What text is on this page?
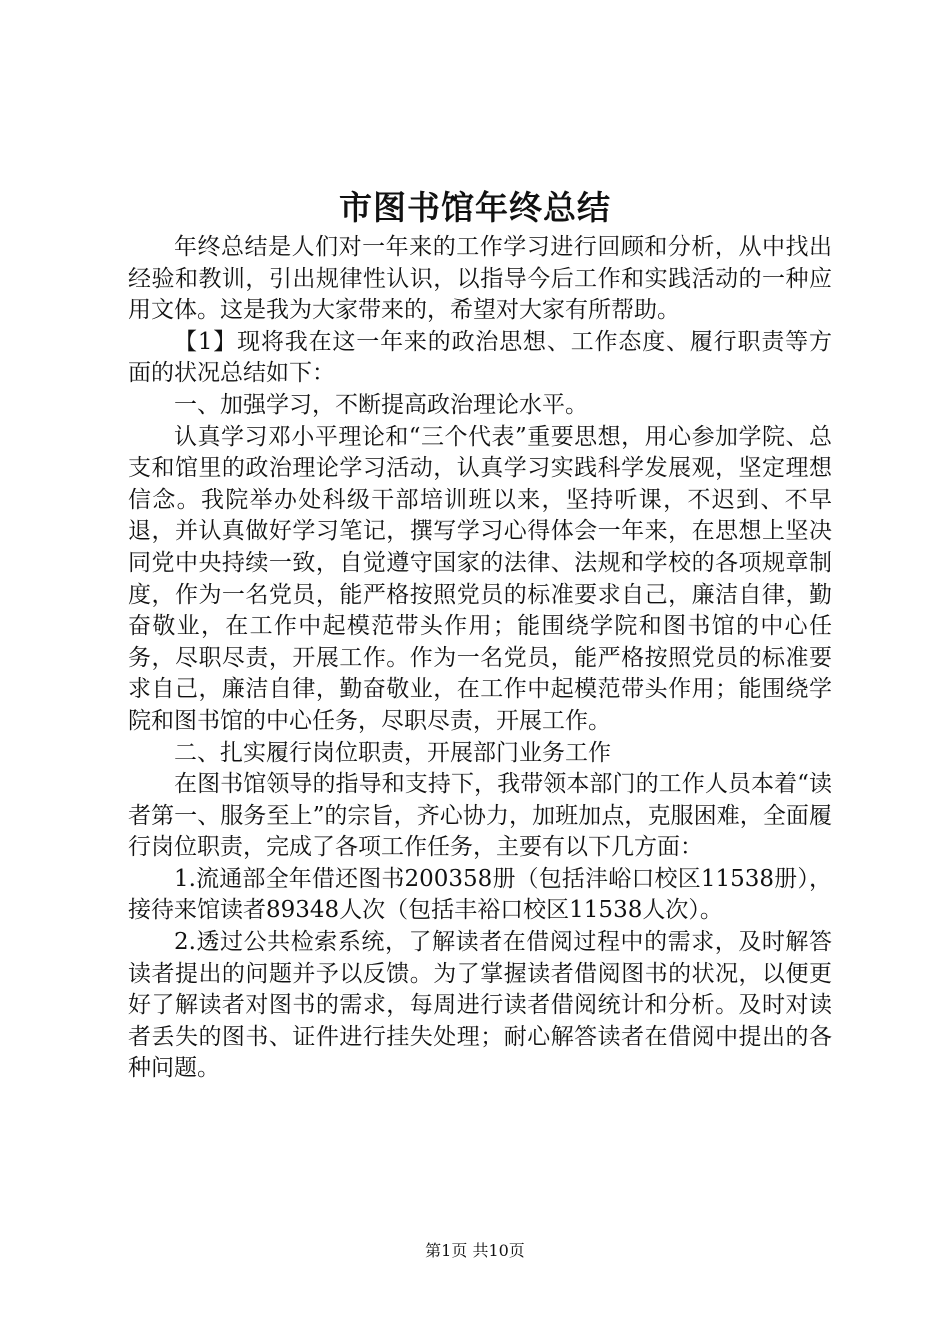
市图书馆年终总结

年终总结是人们对一年来的工作学习进行回顾和分析，从中找出经验和教训，引出规律性认识，以指导今后工作和实践活动的一种应用文体。这是我为大家带来的，希望对大家有所帮助。

【1】现将我在这一年来的政治思想、工作态度、履行职责等方面的状况总结如下：

一、加强学习，不断提高政治理论水平。

认真学习邓小平理论和“三个代表”重要思想，用心参加学院、总支和馆里的政治理论学习活动，认真学习实践科学发展观，坚定理想信念。我院举办处科级干部培训班以来，坚持听课，不迟到、不早退，并认真做好学习笔记，撰写学习心得体会一年来，在思想上坚决同党中央持续一致，自觉遵守国家的法律、法规和学校的各项规章制度，作为一名党员，能严格按照党员的标准要求自己，廉洁自律，勤奋敬业，在工作中起模范带头作用；能围绕学院和图书馆的中心任务，尽职尽责，开展工作。作为一名党员，能严格按照党员的标准要求自己，廉洁自律，勤奋敬业，在工作中起模范带头作用；能围绕学院和图书馆的中心任务，尽职尽责，开展工作。

二、扎实履行岗位职责，开展部门业务工作

在图书馆领导的指导和支持下，我带领本部门的工作人员本着“读者第一、服务至上”的宗旨，齐心协力，加班加点，克服困难，全面履行岗位职责，完成了各项工作任务，主要有以下几方面：

1.流通部全年借还图书200358册（包括沣峪口校区11538册），接待来馆读者89348人次（包括丰裕口校区11538人次）。

2.透过公共检索系统，了解读者在借阅过程中的需求，及时解答读者提出的问题并予以反馈。为了掌握读者借阅图书的状况，以便更好了解读者对图书的需求，每周进行读者借阅统计和分析。及时对读者丢失的图书、证件进行挂失处理；耐心解答读者在借阅中提出的各种问题。

第1页 共10页
